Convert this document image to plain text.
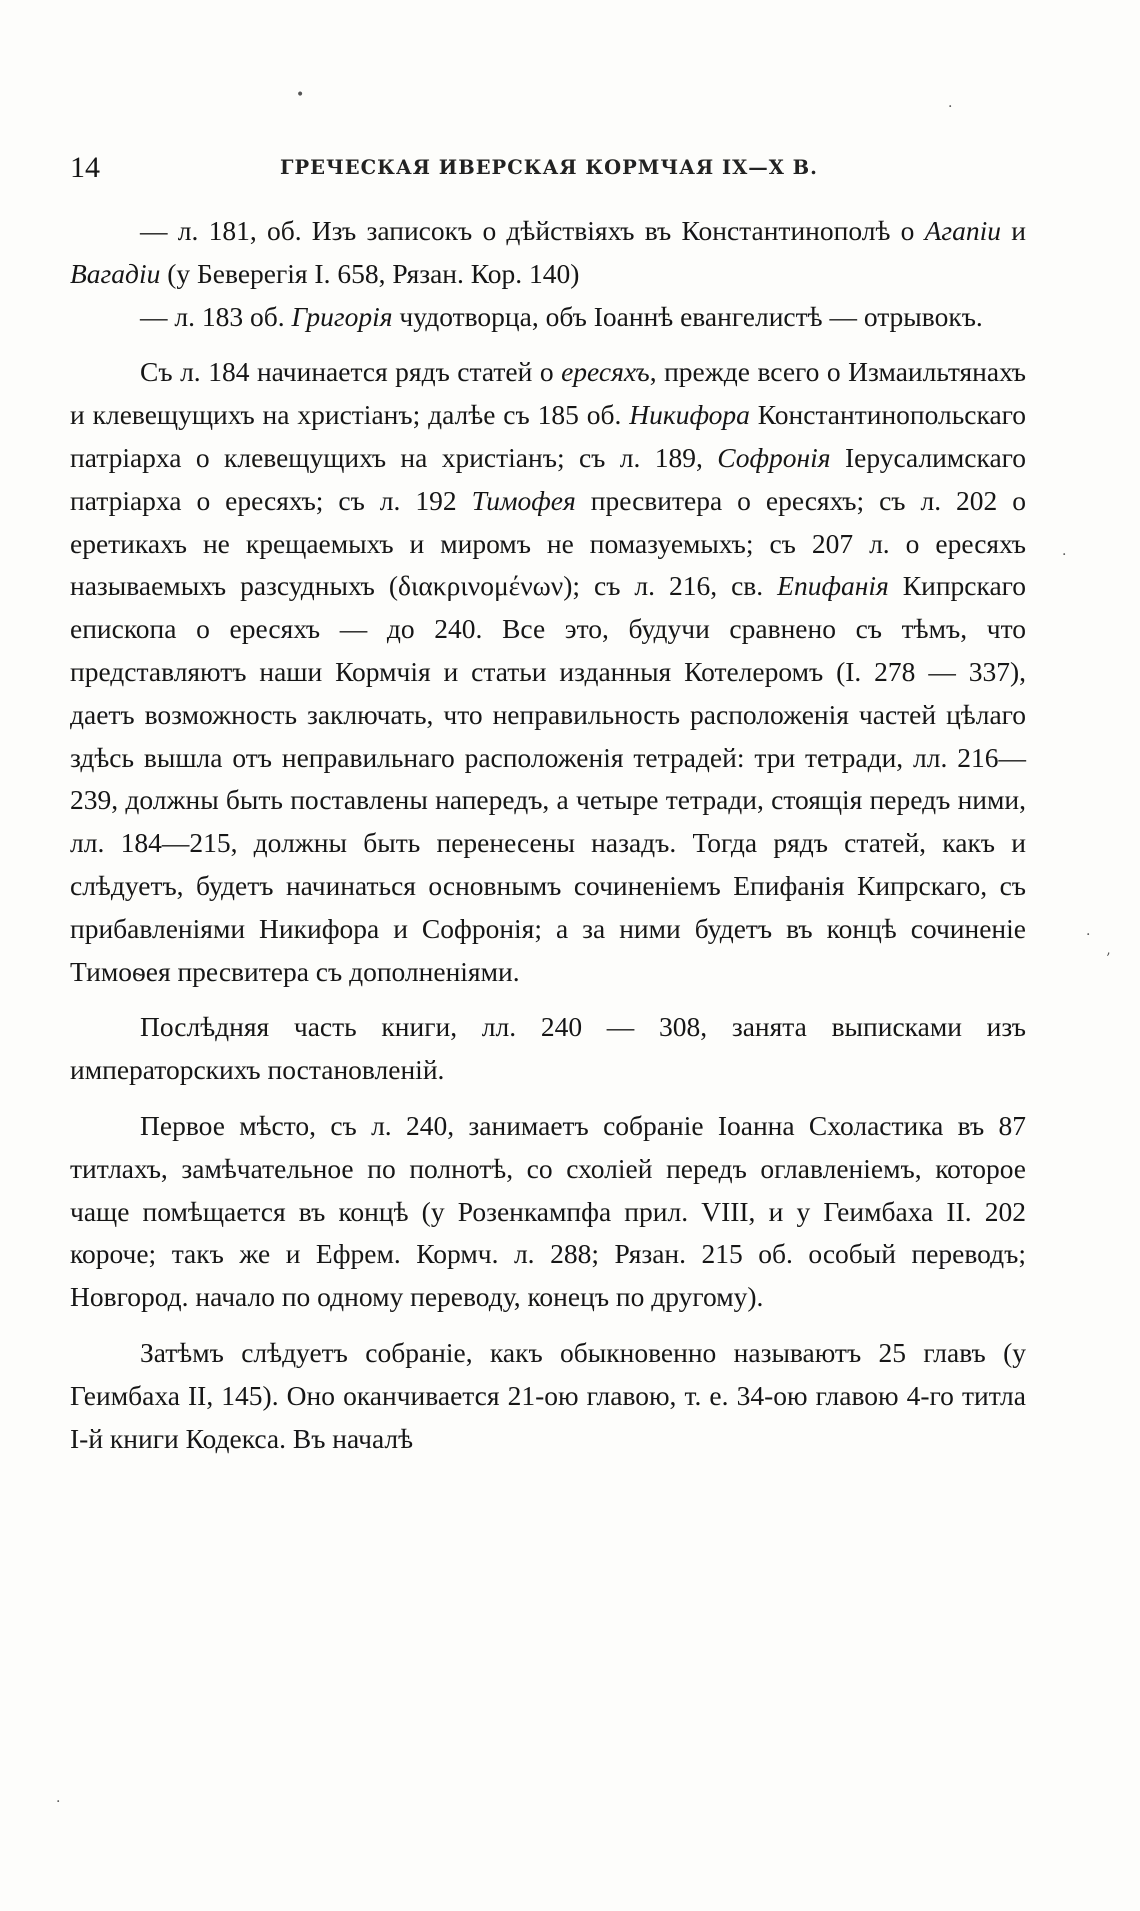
•
·
·
·
’
·
14	ГРЕЧЕСКАЯ ИВЕРСКАЯ КОРМЧАЯ IX—X В.

— л. 181, об. Изъ записокъ о дѣйствіяхъ въ Константинополѣ о Агапіи и Вагадіи (у Беверегія I. 658, Рязан. Кор. 140)

— л. 183 об. Григорія чудотворца, объ Іоаннѣ евангелистѣ — отрывокъ.

Съ л. 184 начинается рядъ статей о ересяхъ, прежде всего о Измаильтянахъ и клевещущихъ на христіанъ; далѣе съ 185 об. Никифора Константинопольскаго патріарха о клевещущихъ на христіанъ; съ л. 189, Софронія Іерусалимскаго патріарха о ересяхъ; съ л. 192 Тимофея пресвитера о ересяхъ; съ л. 202 о еретикахъ не крещаемыхъ и миромъ не помазуемыхъ; съ 207 л. о ересяхъ называемыхъ разсудныхъ (διακρινομένων); съ л. 216, св. Епифанія Кипрскаго епископа о ересяхъ — до 240. Все это, будучи сравнено съ тѣмъ, что представляютъ наши Кормчія и статьи изданныя Котелеромъ (I. 278 — 337), даетъ возможность заключать, что неправильность расположенія частей цѣлаго здѣсь вышла отъ неправильнаго расположенія тетрадей: три тетради, лл. 216—239, должны быть поставлены напередъ, а четыре тетради, стоящія передъ ними, лл. 184—215, должны быть перенесены назадъ. Тогда рядъ статей, какъ и слѣдуетъ, будетъ начинаться основнымъ сочиненіемъ Епифанія Кипрскаго, съ прибавленіями Никифора и Софронія; а за ними будетъ въ концѣ сочиненіе Тимоѳея пресвитера съ дополненіями.

Послѣдняя часть книги, лл. 240 — 308, занята выписками изъ императорскихъ постановленій.

Первое мѣсто, съ л. 240, занимаетъ собраніе Іоанна Схоластика въ 87 титлахъ, замѣчательное по полнотѣ, со схоліей передъ оглавленіемъ, которое чаще помѣщается въ концѣ (у Розенкампфа прил. VIII, и у Геимбаха II. 202 короче; такъ же и Ефрем. Кормч. л. 288; Рязан. 215 об. особый переводъ; Новгород. начало по одному переводу, конецъ по другому).

Затѣмъ слѣдуетъ собраніе, какъ обыкновенно называютъ 25 главъ (у Геимбаха II, 145). Оно оканчивается 21-ою главою, т. е. 34-ою главою 4-го титла I-й книги Кодекса. Въ началѣ
